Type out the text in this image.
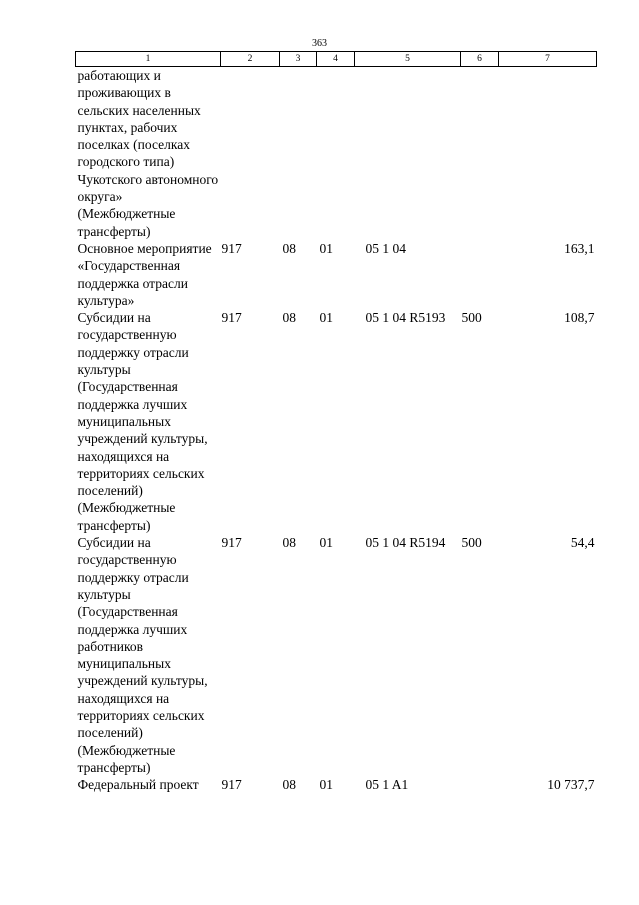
363
1	2	3	4	5	6	7
работающих и проживающих в сельских населенных пунктах, рабочих поселках (поселках городского типа) Чукотского автономного округа» (Межбюджетные трансферты)						
Основное мероприятие «Государственная поддержка отрасли культура»	917	08	01	05 1 04		163,1
Субсидии на государственную поддержку отрасли культуры (Государственная поддержка лучших муниципальных учреждений культуры, находящихся на территориях сельских поселений) (Межбюджетные трансферты)	917	08	01	05 1 04 R5193	500	108,7
Субсидии на государственную поддержку отрасли культуры (Государственная поддержка лучших работников муниципальных учреждений культуры, находящихся на территориях сельских поселений) (Межбюджетные трансферты)	917	08	01	05 1 04 R5194	500	54,4
Федеральный проект	917	08	01	05 1 A1		10 737,7
